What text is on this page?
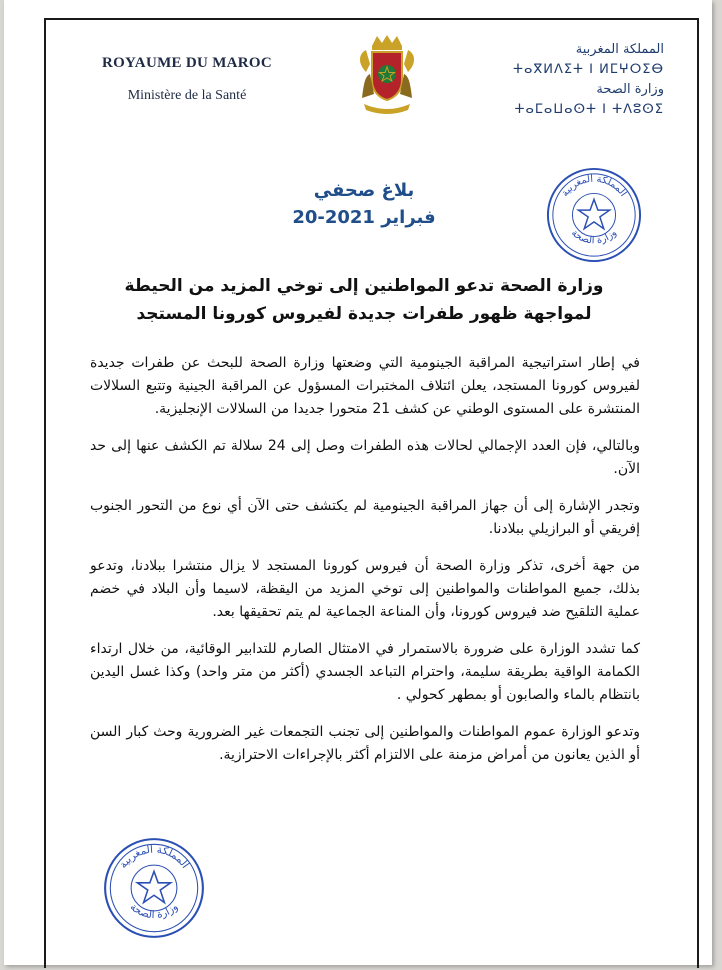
ROYAUME DU MAROC
Ministère de la Santé
المملكة المغربية
ⵜⴰⴳⵍⴷⵉⵜ ⵏ ⵍⵎⵖⵔⵉⴱ
وزارة الصحة
ⵜⴰⵎⴰⵡⴰⵙⵜ ⵏ ⵜⴷⵓⵙⵉ
المملكة المغربية
وزارة الصحة
بلاغ صحفي
20-فبراير 2021
وزارة الصحة تدعو المواطنين إلى توخي المزيد من الحيطة لمواجهة ظهور طفرات جديدة لفيروس كورونا المستجد

في إطار استراتيجية المراقبة الجينومية التي وضعتها وزارة الصحة للبحث عن طفرات جديدة لفيروس كورونا المستجد، يعلن ائتلاف المختبرات المسؤول عن المراقبة الجينية وتتبع السلالات المنتشرة على المستوى الوطني عن كشف 21 متحورا جديدا من السلالات الإنجليزية.

وبالتالي، فإن العدد الإجمالي لحالات هذه الطفرات وصل إلى 24 سلالة تم الكشف عنها إلى حد الآن.

وتجدر الإشارة إلى أن جهاز المراقبة الجينومية لم يكتشف حتى الآن أي نوع من التحور الجنوب إفريقي أو البرازيلي ببلادنا.

من جهة أخرى، تذكر وزارة الصحة أن فيروس كورونا المستجد لا يزال منتشرا ببلادنا، وتدعو بذلك، جميع المواطنات والمواطنين إلى توخي المزيد من اليقظة، لاسيما وأن البلاد في خضم عملية التلقيح ضد فيروس كورونا، وأن المناعة الجماعية لم يتم تحقيقها بعد.

كما تشدد الوزارة على ضرورة بالاستمرار في الامتثال الصارم للتدابير الوقائية، من خلال ارتداء الكمامة الواقية بطريقة سليمة، واحترام التباعد الجسدي (أكثر من متر واحد) وكذا غسل اليدين بانتظام بالماء والصابون أو بمطهر كحولي .

وتدعو الوزارة عموم المواطنات والمواطنين إلى تجنب التجمعات غير الضرورية وحث كبار السن أو الذين يعانون من أمراض مزمنة على الالتزام أكثر بالإجراءات الاحترازية.

المملكة المغربية
وزارة الصحة
